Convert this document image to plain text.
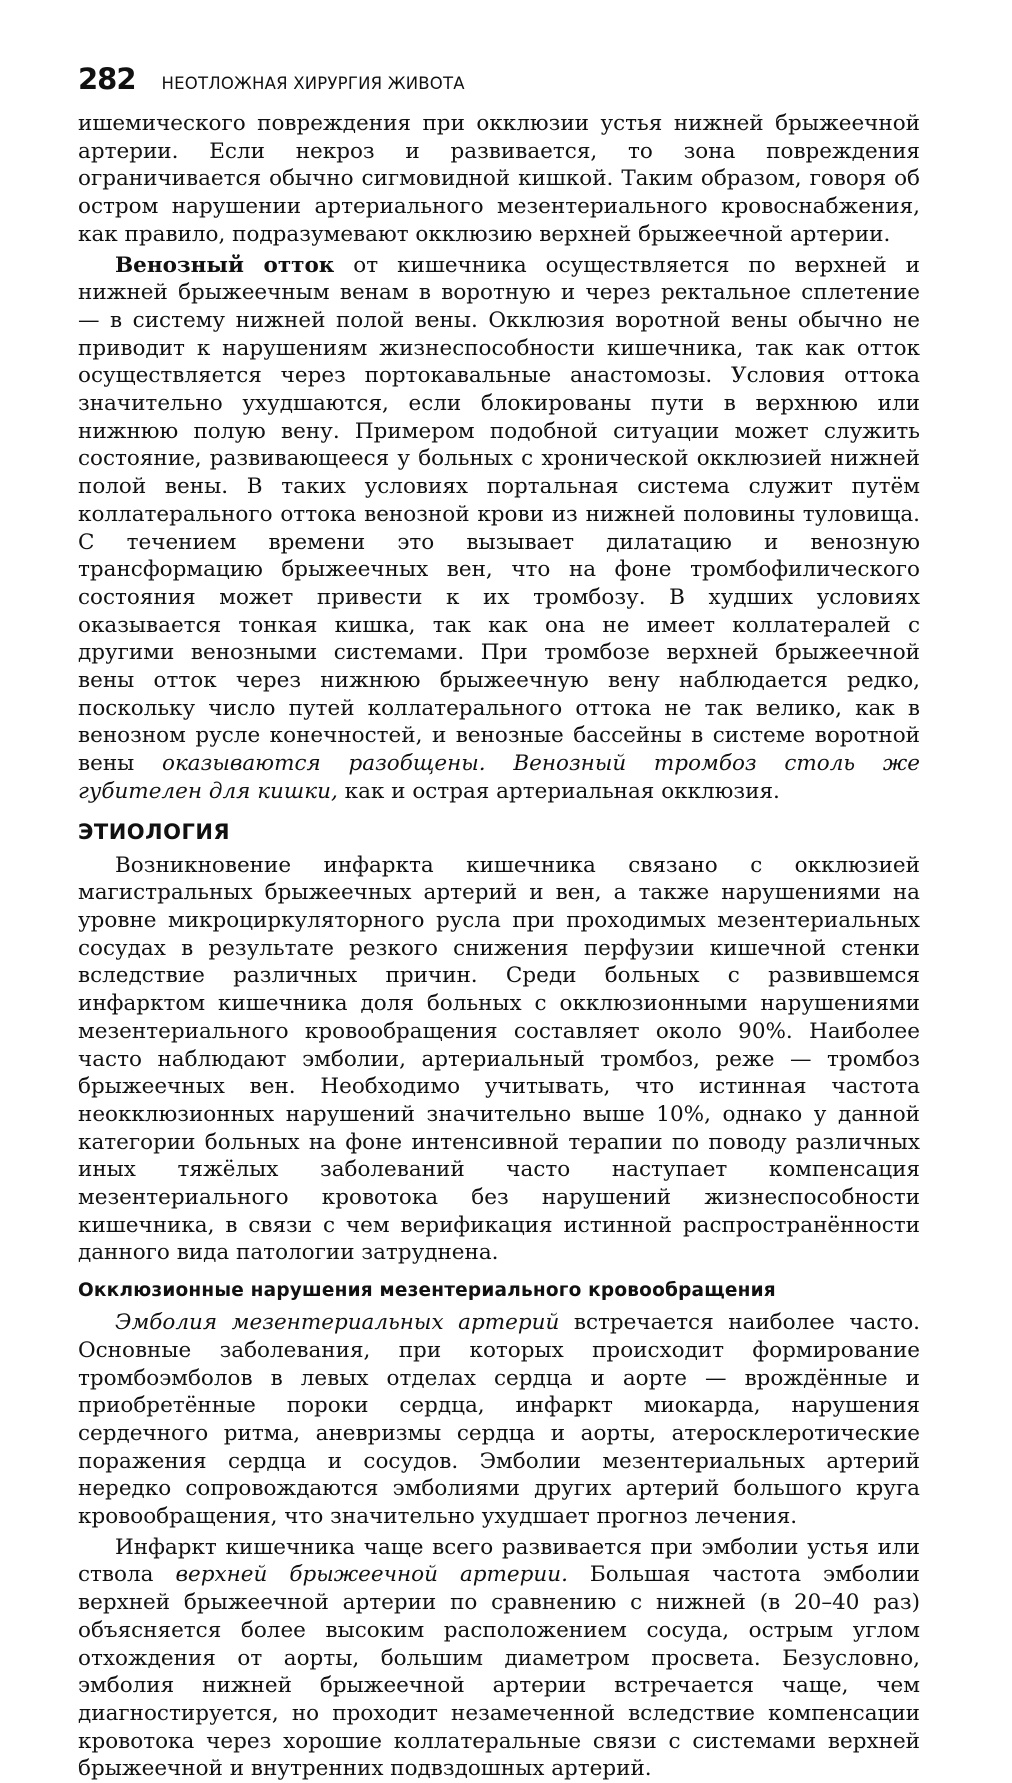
282 НЕОТЛОЖНАЯ ХИРУРГИЯ ЖИВОТА

ишемического повреждения при окклюзии устья нижней брыжеечной артерии. Если некроз и развивается, то зона повреждения ограничивается обычно сигмовидной кишкой. Таким образом, говоря об остром нарушении артериального мезентериального кровоснабжения, как правило, подразумевают окклюзию верхней брыжеечной артерии.

Венозный отток от кишечника осуществляется по верхней и нижней брыжеечным венам в воротную и через ректальное сплетение — в систему нижней полой вены. Окклюзия воротной вены обычно не приводит к нарушениям жизнеспособности кишечника, так как отток осуществляется через портокавальные анастомозы. Условия оттока значительно ухудшаются, если блокированы пути в верхнюю или нижнюю полую вену. Примером подобной ситуации может служить состояние, развивающееся у больных с хронической окклюзией нижней полой вены. В таких условиях портальная система служит путём коллатерального оттока венозной крови из нижней половины туловища. С течением времени это вызывает дилатацию и венозную трансформацию брыжеечных вен, что на фоне тромбофилического состояния может привести к их тромбозу. В худших условиях оказывается тонкая кишка, так как она не имеет коллатералей с другими венозными системами. При тромбозе верхней брыжеечной вены отток через нижнюю брыжеечную вену наблюдается редко, поскольку число путей коллатерального оттока не так велико, как в венозном русле конечностей, и венозные бассейны в системе воротной вены оказываются разобщены. Венозный тромбоз столь же губителен для кишки, как и острая артериальная окклюзия.

ЭТИОЛОГИЯ

Возникновение инфаркта кишечника связано с окклюзией магистральных брыжеечных артерий и вен, а также нарушениями на уровне микроциркуляторного русла при проходимых мезентериальных сосудах в результате резкого снижения перфузии кишечной стенки вследствие различных причин. Среди больных с развившемся инфарктом кишечника доля больных с окклюзионными нарушениями мезентериального кровообращения составляет около 90%. Наиболее часто наблюдают эмболии, артериальный тромбоз, реже — тромбоз брыжеечных вен. Необходимо учитывать, что истинная частота неокклюзионных нарушений значительно выше 10%, однако у данной категории больных на фоне интенсивной терапии по поводу различных иных тяжёлых заболеваний часто наступает компенсация мезентериального кровотока без нарушений жизнеспособности кишечника, в связи с чем верификация истинной распространённости данного вида патологии затруднена.

Окклюзионные нарушения мезентериального кровообращения

Эмболия мезентериальных артерий встречается наиболее часто. Основные заболевания, при которых происходит формирование тромбоэмболов в левых отделах сердца и аорте — врождённые и приобретённые пороки сердца, инфаркт миокарда, нарушения сердечного ритма, аневризмы сердца и аорты, атеросклеротические поражения сердца и сосудов. Эмболии мезентериальных артерий нередко сопровождаются эмболиями других артерий большого круга кровообращения, что значительно ухудшает прогноз лечения.

Инфаркт кишечника чаще всего развивается при эмболии устья или ствола верхней брыжеечной артерии. Большая частота эмболии верхней брыжеечной артерии по сравнению с нижней (в 20–40 раз) объясняется более высоким расположением сосуда, острым углом отхождения от аорты, большим диаметром просвета. Безусловно, эмболия нижней брыжеечной артерии встречается чаще, чем диагностируется, но проходит незамеченной вследствие компенсации кровотока через хорошие коллатеральные связи с системами верхней брыжеечной и внутренних подвздошных артерий.
